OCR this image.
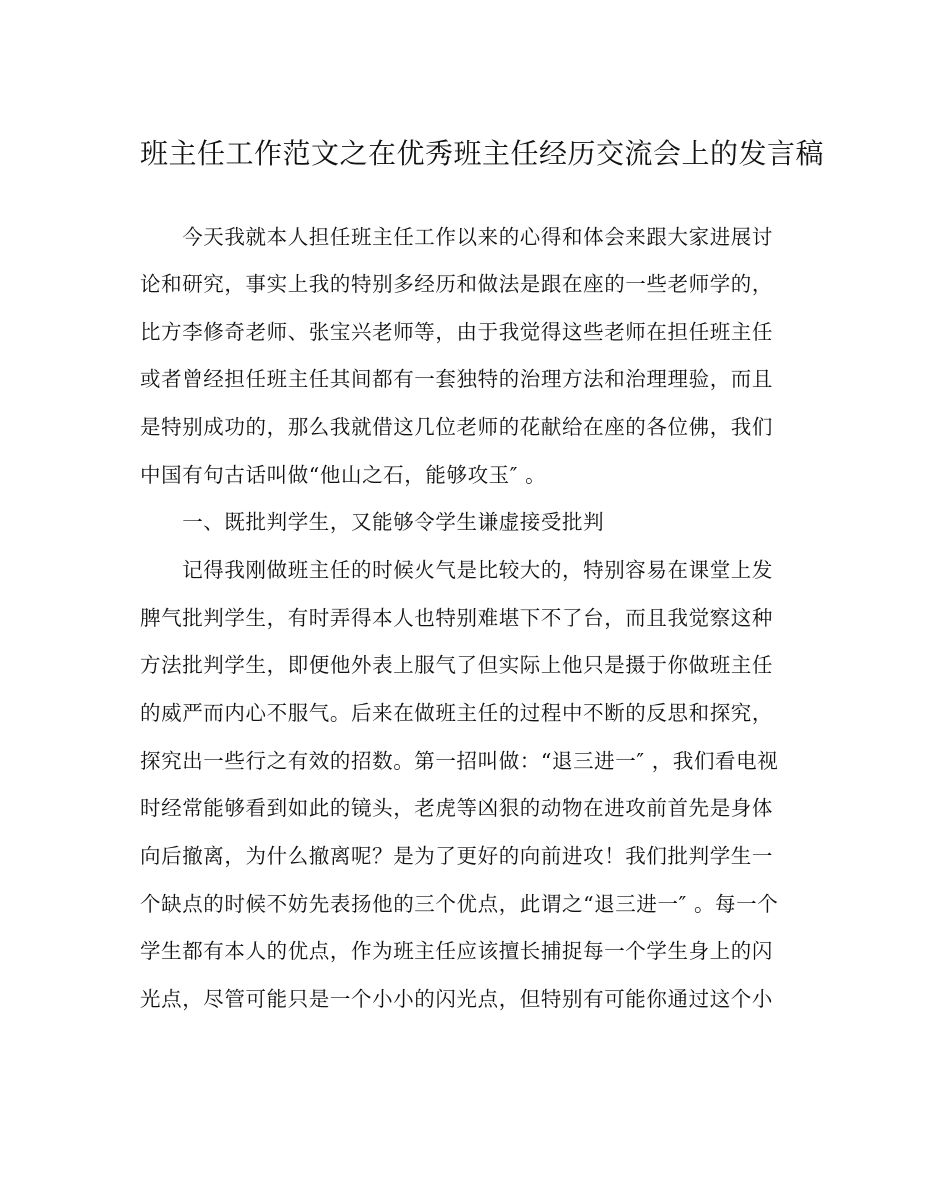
班主任工作范文之在优秀班主任经历交流会上的发言稿
　　今天我就本人担任班主任工作以来的心得和体会来跟大家进展讨
论和研究，事实上我的特别多经历和做法是跟在座的一些老师学的，
比方李修奇老师、张宝兴老师等，由于我觉得这些老师在担任班主任
或者曾经担任班主任其间都有一套独特的治理方法和治理理验，而且
是特别成功的，那么我就借这几位老师的花献给在座的各位佛，我们
中国有句古话叫做“他山之石，能够攻玉″ 。
　　一、既批判学生，又能够令学生谦虚接受批判
　　记得我刚做班主任的时候火气是比较大的，特别容易在课堂上发
脾气批判学生，有时弄得本人也特别难堪下不了台，而且我觉察这种
方法批判学生，即便他外表上服气了但实际上他只是摄于你做班主任
的威严而内心不服气。后来在做班主任的过程中不断的反思和探究，
探究出一些行之有效的招数。第一招叫做：“退三进一″ ，我们看电视
时经常能够看到如此的镜头，老虎等凶狠的动物在进攻前首先是身体
向后撤离，为什么撤离呢？是为了更好的向前进攻！我们批判学生一
个缺点的时候不妨先表扬他的三个优点，此谓之“退三进一″ 。每一个
学生都有本人的优点，作为班主任应该擅长捕捉每一个学生身上的闪
光点，尽管可能只是一个小小的闪光点，但特别有可能你通过这个小
